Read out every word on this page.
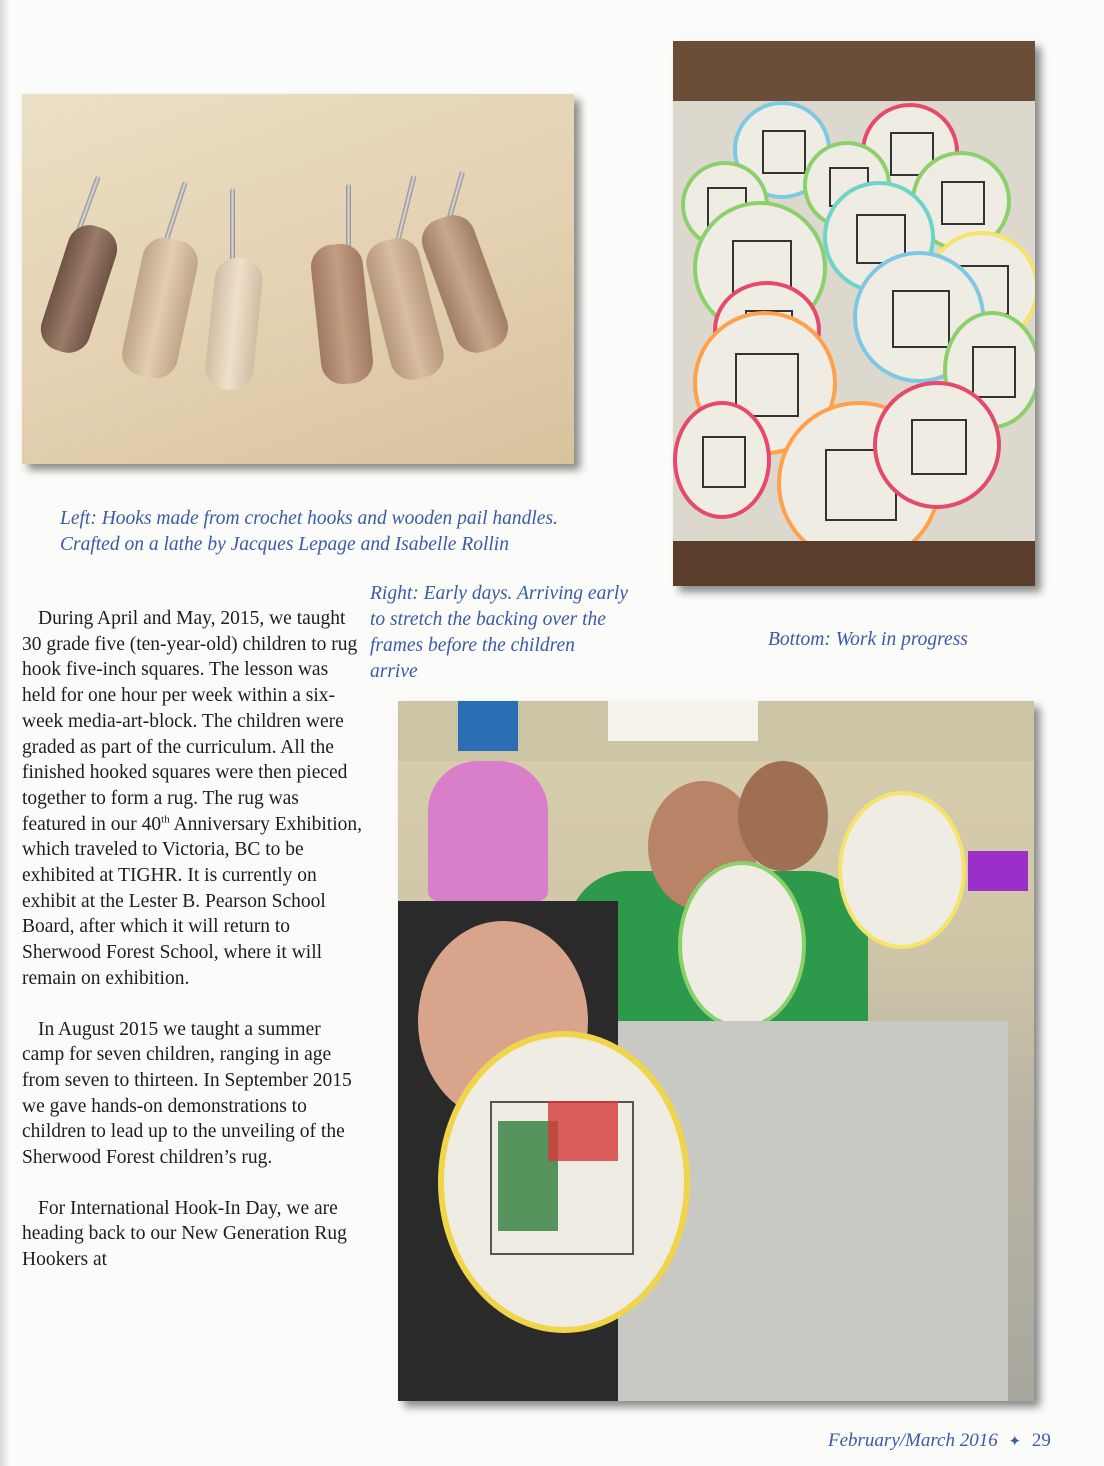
Left: Hooks made from crochet hooks and wooden pail handles.
Crafted on a lathe by Jacques Lepage and Isabelle Rollin
Right: Early days. Arriving early
to stretch the backing over the
frames before the children
arrive
Bottom: Work in progress

During April and May, 2015, we taught 30 grade five (ten-year-old) children to rug hook five-inch squares. The lesson was held for one hour per week within a six-week media-art-block. The children were graded as part of the curriculum. All the finished hooked squares were then pieced together to form a rug. The rug was featured in our 40th Anniversary Exhibition, which traveled to Victoria, BC to be exhibited at TIGHR. It is currently on exhibit at the Lester B. Pearson School Board, after which it will return to Sherwood Forest School, where it will remain on exhibition.

In August 2015 we taught a summer camp for seven children, ranging in age from seven to thirteen. In September 2015 we gave hands-on demonstrations to children to lead up to the unveiling of the Sherwood Forest children’s rug.

For International Hook-In Day, we are heading back to our New Generation Rug Hookers at

February/March 2016 ✦ 29
